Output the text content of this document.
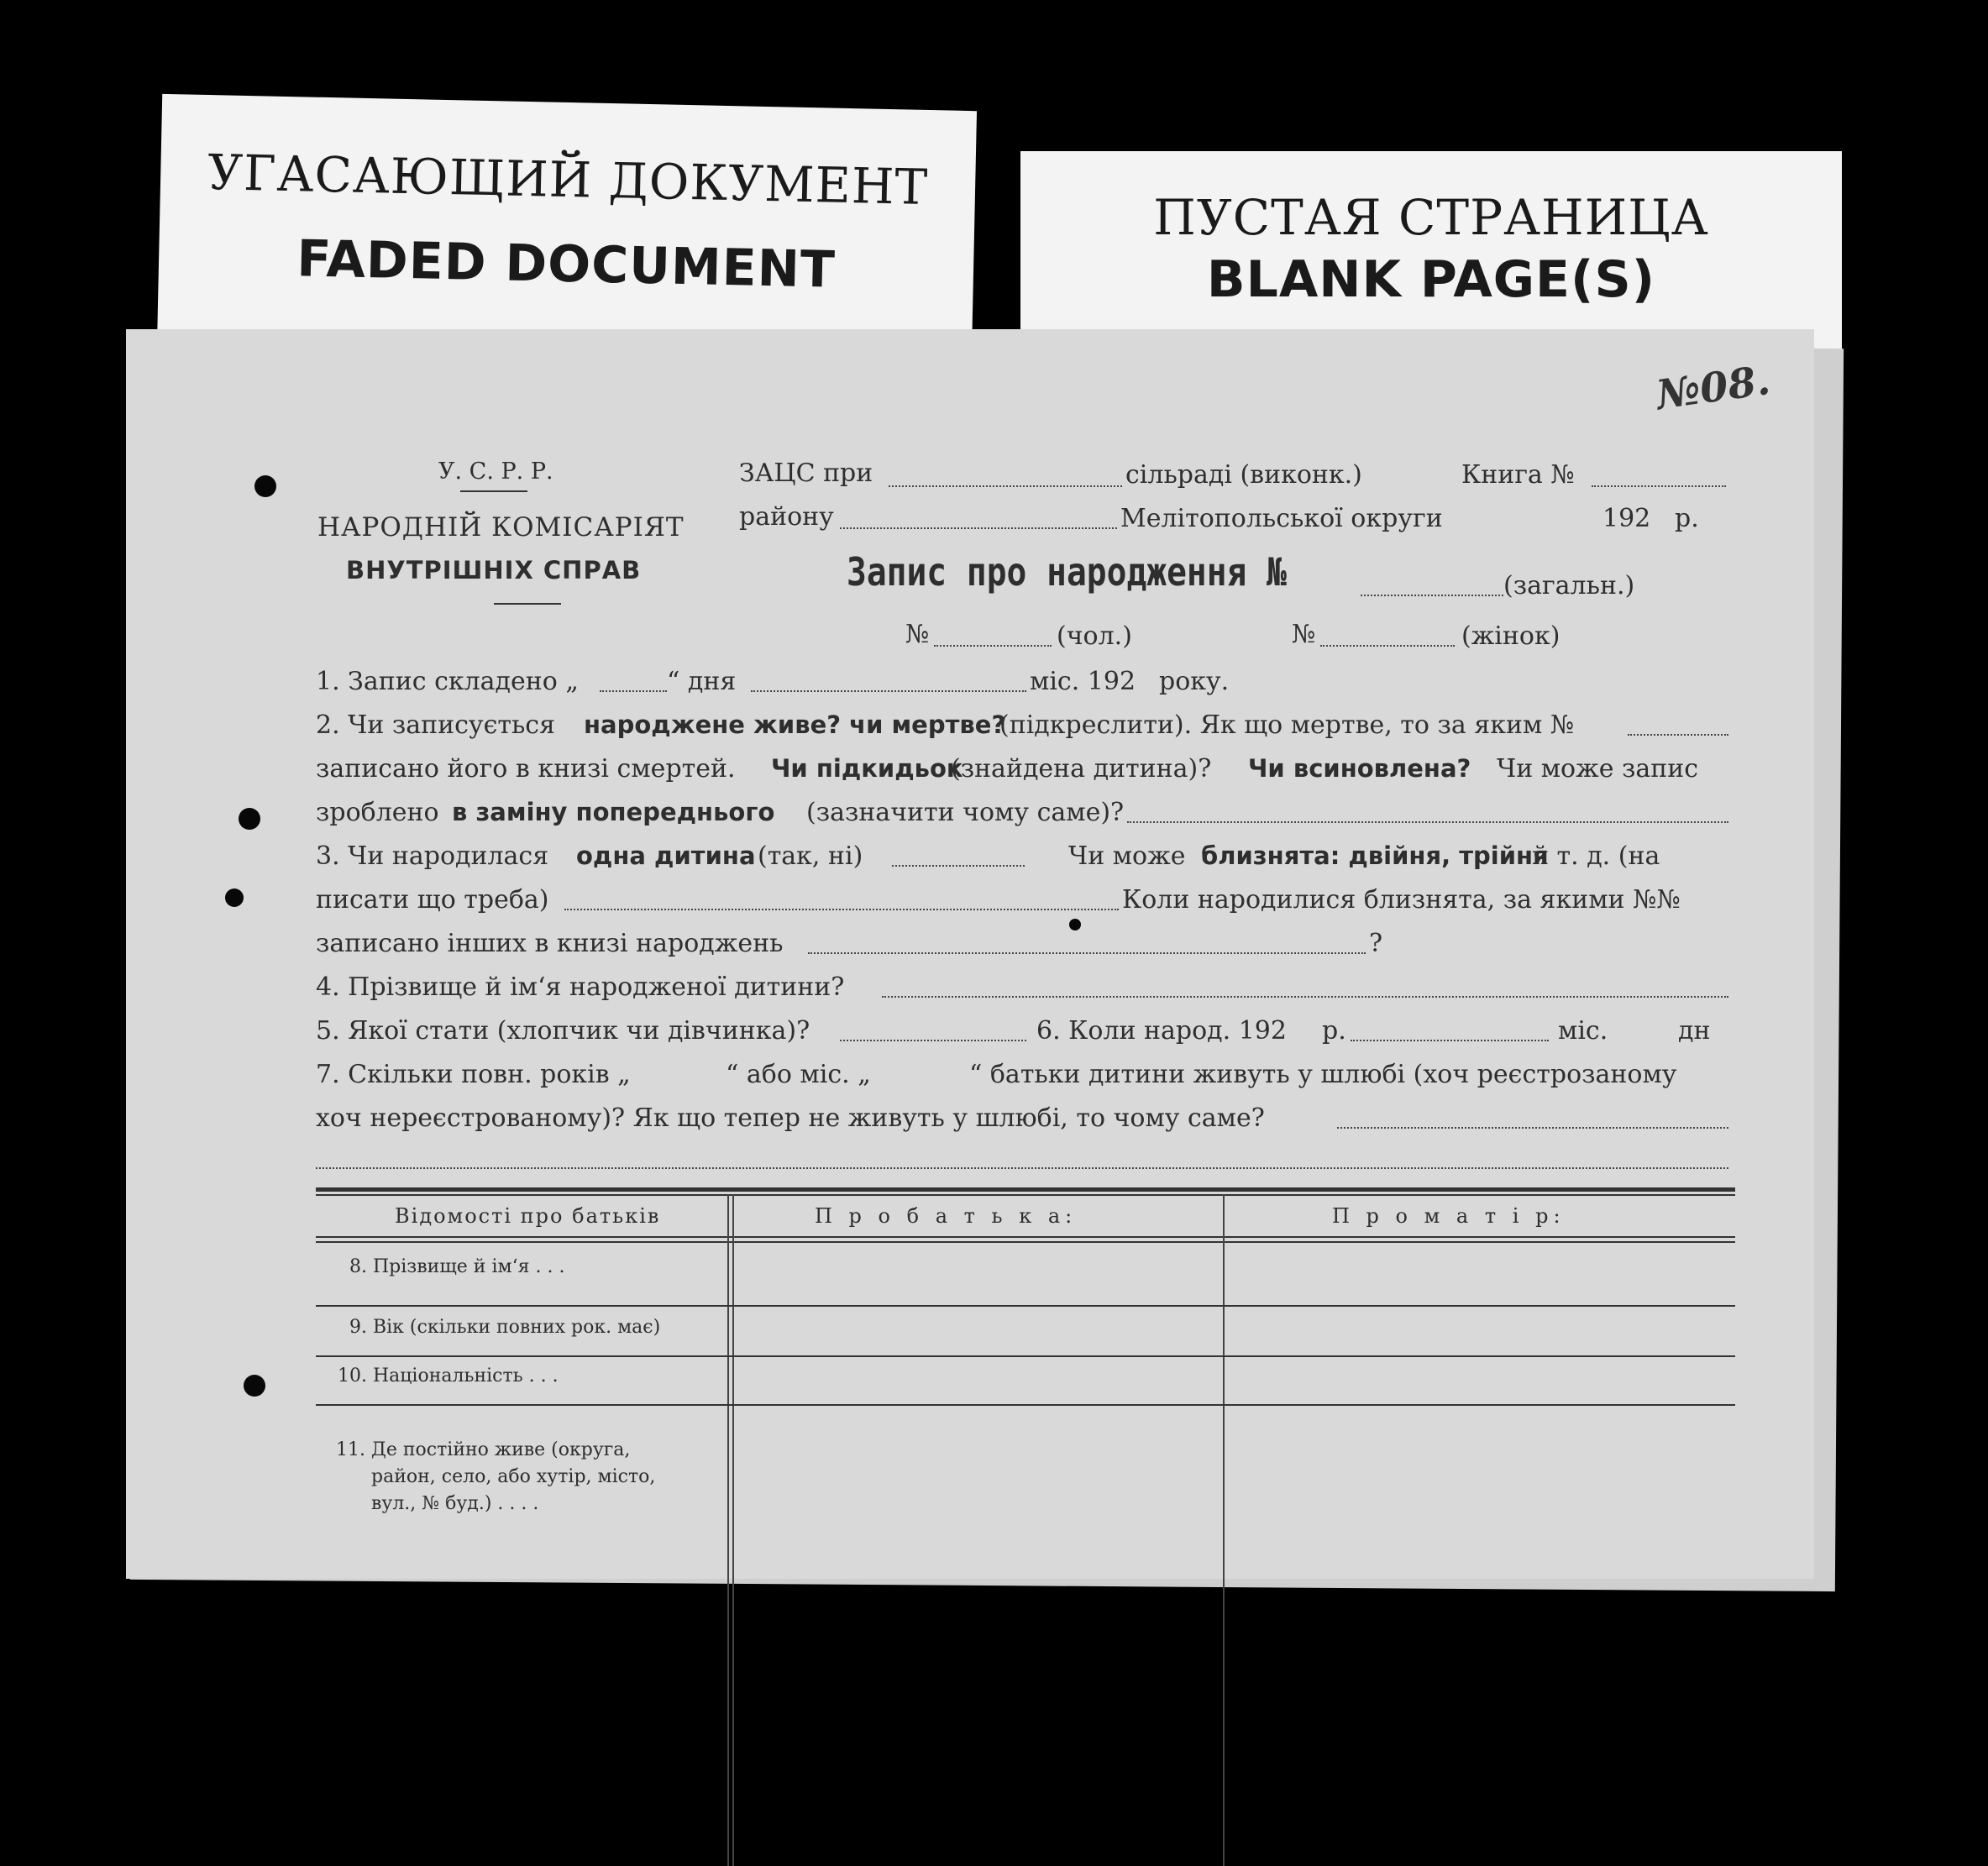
УГАСАЮЩИЙ ДОКУМЕНТ
FADED DOCUMENT
ПУСТАЯ СТРАНИЦА
BLANK PAGE(S)
№08.
У. С. Р. Р.
НАРОДНІЙ КОМІСАРІЯТ
ВНУТРІШНІХ СПРАВ
ЗАЦС при	сільраді (виконк.)	Книга №
району	Мелітопольської округи	192 р.
Запис про народження №	(загальн.)
№	(чол.)	№	(жінок)
1. Запис складено „	“ дня	міс. 192 року.
2. Чи записується народжене живе? чи мертве?
(підкреслити). Як що мертве, то за яким №
записано його в книзі смертей. Чи підкидьок
(знайдена дитина)? Чи всиновлена? Чи може запис
зроблено в заміну попереднього (зазначити чому саме)?
3. Чи народилася одна дитина (так, ні)	Чи може близнята: двійня, трійня
й т. д. (на
писати що треба)	Коли народилися близнята, за якими №№
записано інших в книзі народжень	?
4. Прізвище й ім‘я народженої дитини?
5. Якої стати (хлопчик чи дівчинка)?	6. Коли народ. 192 р.	міс.	дн
7. Скільки повн. років „	“ або міс. „	“ батьки дитини живуть у шлюбі (хоч реєстрозаному
хоч нереєстрованому)? Як що тепер не живуть у шлюбі, то чому саме?
Відомості про батьків	П р о б а т ь к а:	П р о м а т і р:
8. Прізвище й ім‘я . . .
9. Вік (скільки повних рок. має)
10. Національність . . .
11. Де постійно живе (округа,
район, село, або хутір, місто,
вул., № буд.) . . . .
